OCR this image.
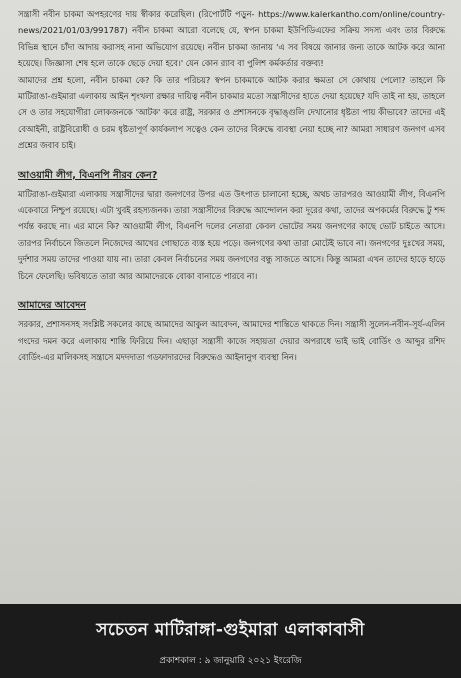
সন্ত্রাসী নবীন চাকমা অপহরণের দায় স্বীকার করেছিল। (রিপোর্টটি পড়ুন- https://www.kalerkantho.com/online/country-news/2021/01/03/991787) নবীন চাকমা আরো বলেছে যে, স্বপন চাকমা ইউপিডিএফের সক্রিয় সদস্য এবং তার বিরুদ্ধে বিভিন্ন স্থানে চাঁদা আদায় করাসহ নানা অভিযোগ রয়েছে। নবীন চাকমা জানায় 'এ সব বিষয়ে জানার জন্য তাকে আটক করে আনা হয়েছে। জিজ্ঞাসা শেষ হলে তাকে ছেড়ে দেয়া হবে।' যেন কোন র‍্যাব বা পুলিশ কর্মকর্তার বক্তব্য!

আমাদের প্রশ্ন হলো, নবীন চাকমা কে? কি তার পরিচয়? স্বপন চাকমাকে আটক করার ক্ষমতা সে কোথায় পেলো? তাহলে কি মাটিরাঙা-গুইমারা এলাকায় আইন শৃংখলা রক্ষার দায়িত্ব নবীন চাকমার মতো সন্ত্রাসীদের হাতে দেয়া হয়েছে? যদি তাই না হয়, তাহলে সে ও তার সহযোগীরা লোকজনকে 'আটক' করে রাষ্ট্র, সরকার ও প্রশাসনকে বৃদ্ধাঙ্গুলি দেখানোর ধৃষ্টতা পায় কীভাবে? তাদের এই বেআইনী, রাষ্ট্রবিরোধী ও চরম ধৃষ্টতাপূর্ণ কার্যকলাপ সত্বেও কেন তাদের বিরুদ্ধে ব্যবস্থা নেয়া হচ্ছে না? আমরা সাধারণ জনগণ এসব প্রশ্নের জবাব চাই।

আওয়ামী লীগ, বিএনপি নীরব কেন?

মাটিরাঙা-গুইমারা এলাকায় সন্ত্রাসীদের দ্বারা জনগণের উপর এত উৎপাত চালানো হচ্ছে, অথচ তারপরও আওয়ামী লীগ, বিএনপি একেবারে নিশ্চুপ রয়েছে। এটা খুবই রহস্যজনক। তারা সন্ত্রাসীদের বিরুদ্ধে আন্দোলন করা দূরের কথা, তাদের অপকর্মের বিরুদ্ধে টু শব্দ পর্যন্ত করছে না। এর মানে কি? আওয়ামী লীগ, বিএনপি দলের নেতারা কেবল ভোটের সময় জনগণের কাছে ভোট চাইতে আসে। তারপর নির্বাচনে জিতলে নিজেদের আখের গোছাতে ব্যস্ত হয়ে পড়ে। জনগণের কথা তারা মোটেই ভাবে না। জনগণের দুঃখের সময়, দুর্দশার সময় তাদের পাওয়া যায় না। তারা কেবল নির্বাচনের সময় জনগণের বন্ধু সাজতে আসে। কিন্তু আমরা এখন তাদের হাড়ে হাড়ে চিনে ফেলেছি। ভবিষ্যতে তারা আর আমাদেরকে বোকা বানাতে পারবে না।

আমাদের আবেদন

সরকার, প্রশাসনসহ সংশ্লিষ্ট সকলের কাছে আমাদের আকুল আবেদন, আমাদের শান্তিতে থাকতে দিন। সন্ত্রাসী সুলেন-নবীন-সূর্য-এলিন গংদের দমন করে এলাকায় শান্তি ফিরিয়ে দিন। এছাড়া সন্ত্রাসী কাজে সহায়তা দেয়ার অপরাধে ভাই ভাই বোর্ডিং ও আব্দুর রশিদ বোর্ডিং-এর মালিকসহ সন্ত্রাসে মদদদাতা গডফাদারদের বিরুদ্ধেও আইনানুগ ব্যবস্থা নিন।

সচেতন মাটিরাঙ্গা-গুইমারা এলাকাবাসী
প্রকাশকাল : ৯ জানুয়ারি ২০২১ ইংরেজি
